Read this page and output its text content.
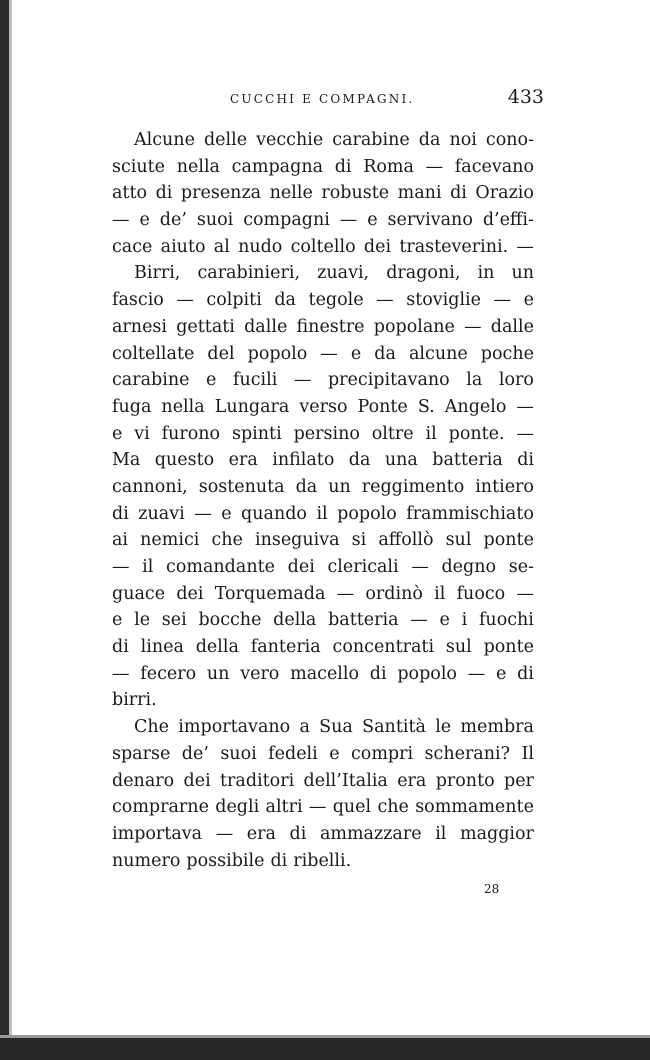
CUCCHI E COMPAGNI.	433
Alcune delle vecchie carabine da noi cono-
sciute nella campagna di Roma — facevano
atto di presenza nelle robuste mani di Orazio
— e de’ suoi compagni — e servivano d’effi-
cace aiuto al nudo coltello dei trasteverini. —
Birri, carabinieri, zuavi, dragoni, in un
fascio — colpiti da tegole — stoviglie — e
arnesi gettati dalle finestre popolane — dalle
coltellate del popolo — e da alcune poche
carabine e fucili — precipitavano la loro
fuga nella Lungara verso Ponte S. Angelo —
e vi furono spinti persino oltre il ponte. —
Ma questo era infilato da una batteria di
cannoni, sostenuta da un reggimento intiero
di zuavi — e quando il popolo frammischiato
ai nemici che inseguiva si affollò sul ponte
— il comandante dei clericali — degno se-
guace dei Torquemada — ordinò il fuoco —
e le sei bocche della batteria — e i fuochi
di linea della fanteria concentrati sul ponte
— fecero un vero macello di popolo — e di
birri.
Che importavano a Sua Santità le membra
sparse de’ suoi fedeli e compri scherani? Il
denaro dei traditori dell’Italia era pronto per
comprarne degli altri — quel che sommamente
importava — era di ammazzare il maggior
numero possibile di ribelli.
28
